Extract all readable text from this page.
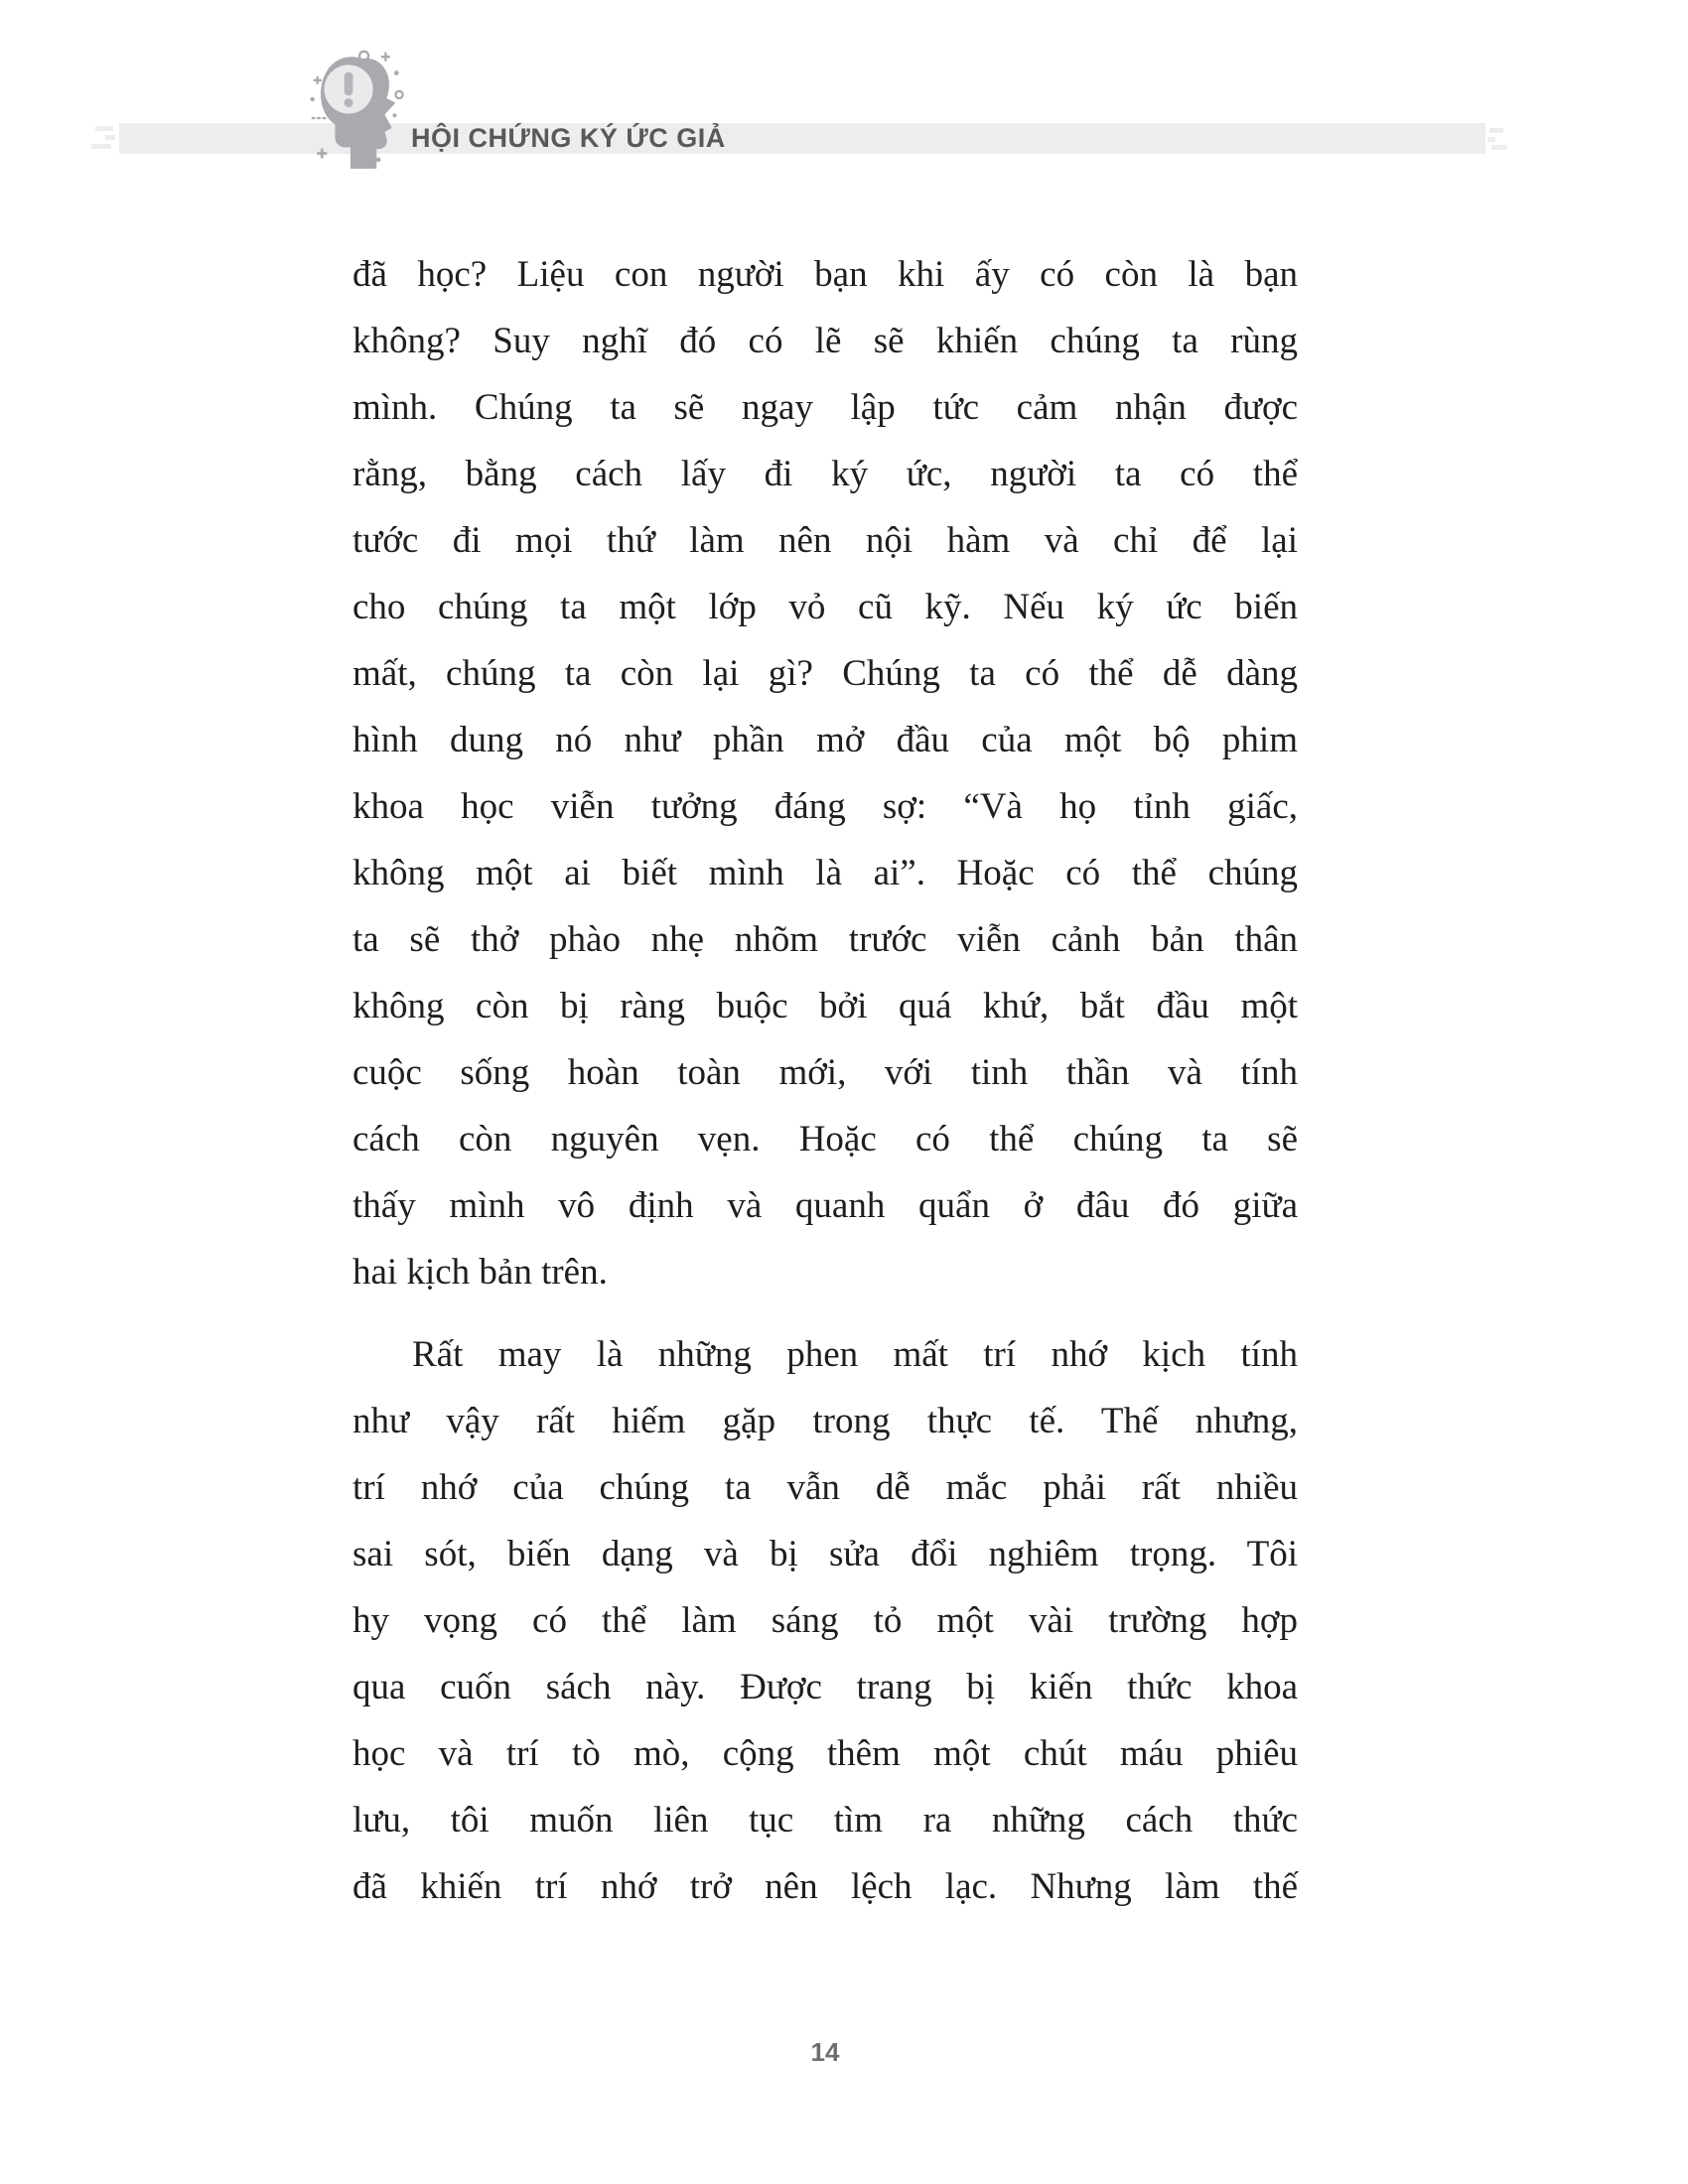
HỘI CHỨNG KÝ ỨC GIẢ
đã học? Liệu con người bạn khi ấy có còn là bạn
không? Suy nghĩ đó có lẽ sẽ khiến chúng ta rùng
mình. Chúng ta sẽ ngay lập tức cảm nhận được
rằng, bằng cách lấy đi ký ức, người ta có thể
tước đi mọi thứ làm nên nội hàm và chỉ để lại
cho chúng ta một lớp vỏ cũ kỹ. Nếu ký ức biến
mất, chúng ta còn lại gì? Chúng ta có thể dễ dàng
hình dung nó như phần mở đầu của một bộ phim
khoa học viễn tưởng đáng sợ: “Và họ tỉnh giấc,
không một ai biết mình là ai”. Hoặc có thể chúng
ta sẽ thở phào nhẹ nhõm trước viễn cảnh bản thân
không còn bị ràng buộc bởi quá khứ, bắt đầu một
cuộc sống hoàn toàn mới, với tinh thần và tính
cách còn nguyên vẹn. Hoặc có thể chúng ta sẽ
thấy mình vô định và quanh quẩn ở đâu đó giữa
hai kịch bản trên.
Rất may là những phen mất trí nhớ kịch tính
như vậy rất hiếm gặp trong thực tế. Thế nhưng,
trí nhớ của chúng ta vẫn dễ mắc phải rất nhiều
sai sót, biến dạng và bị sửa đổi nghiêm trọng. Tôi
hy vọng có thể làm sáng tỏ một vài trường hợp
qua cuốn sách này. Được trang bị kiến thức khoa
học và trí tò mò, cộng thêm một chút máu phiêu
lưu, tôi muốn liên tục tìm ra những cách thức
đã khiến trí nhớ trở nên lệch lạc. Nhưng làm thế
14
